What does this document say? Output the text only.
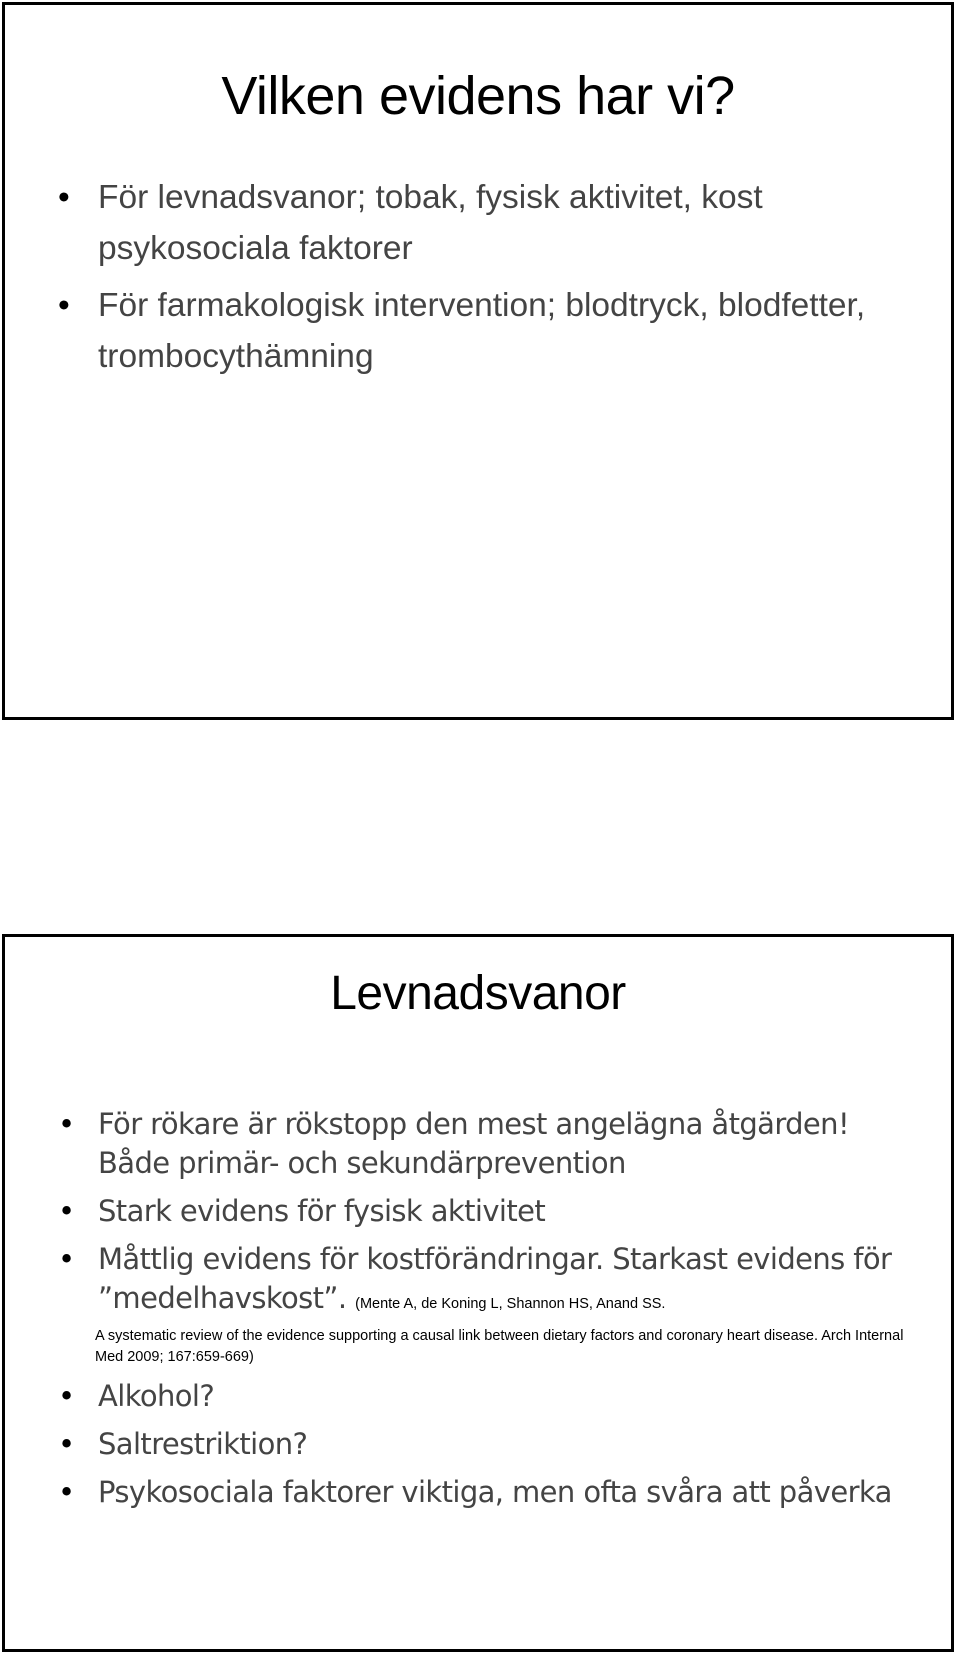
Vilken evidens har vi?
• För levnadsvanor; tobak, fysisk aktivitet, kost psykosociala faktorer
• För farmakologisk intervention; blodtryck, blodfetter, trombocythämning
Levnadsvanor
• För rökare är rökstopp den mest angelägna åtgärden! Både primär- och sekundärprevention
• Stark evidens för fysisk aktivitet
• Måttlig evidens för kostförändringar. Starkast evidens för ”medelhavskost”. (Mente A, de Koning L, Shannon HS, Anand SS.
A systematic review of the evidence supporting a causal link between dietary factors and coronary heart disease. Arch Internal Med 2009; 167:659-669)
• Alkohol?
• Saltrestriktion?
• Psykosociala faktorer viktiga, men ofta svåra att påverka
